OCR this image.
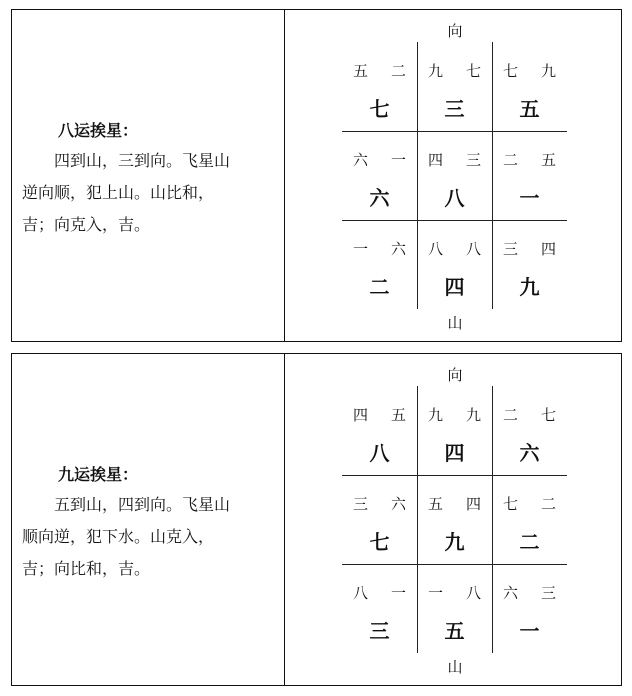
八运挨星：

四到山，三到向。飞星山

逆向顺，犯上山。山比和，

吉；向克入，吉。

向
五 二
七
九 七
三
七 九
五
六 一
六
四 三
八
二 五
一
一 六
二
八 八
四
三 四
九
山
九运挨星：

五到山，四到向。飞星山

顺向逆，犯下水。山克入，

吉；向比和，吉。

向
四 五
八
九 九
四
二 七
六
三 六
七
五 四
九
七 二
二
八 一
三
一 八
五
六 三
一
山
